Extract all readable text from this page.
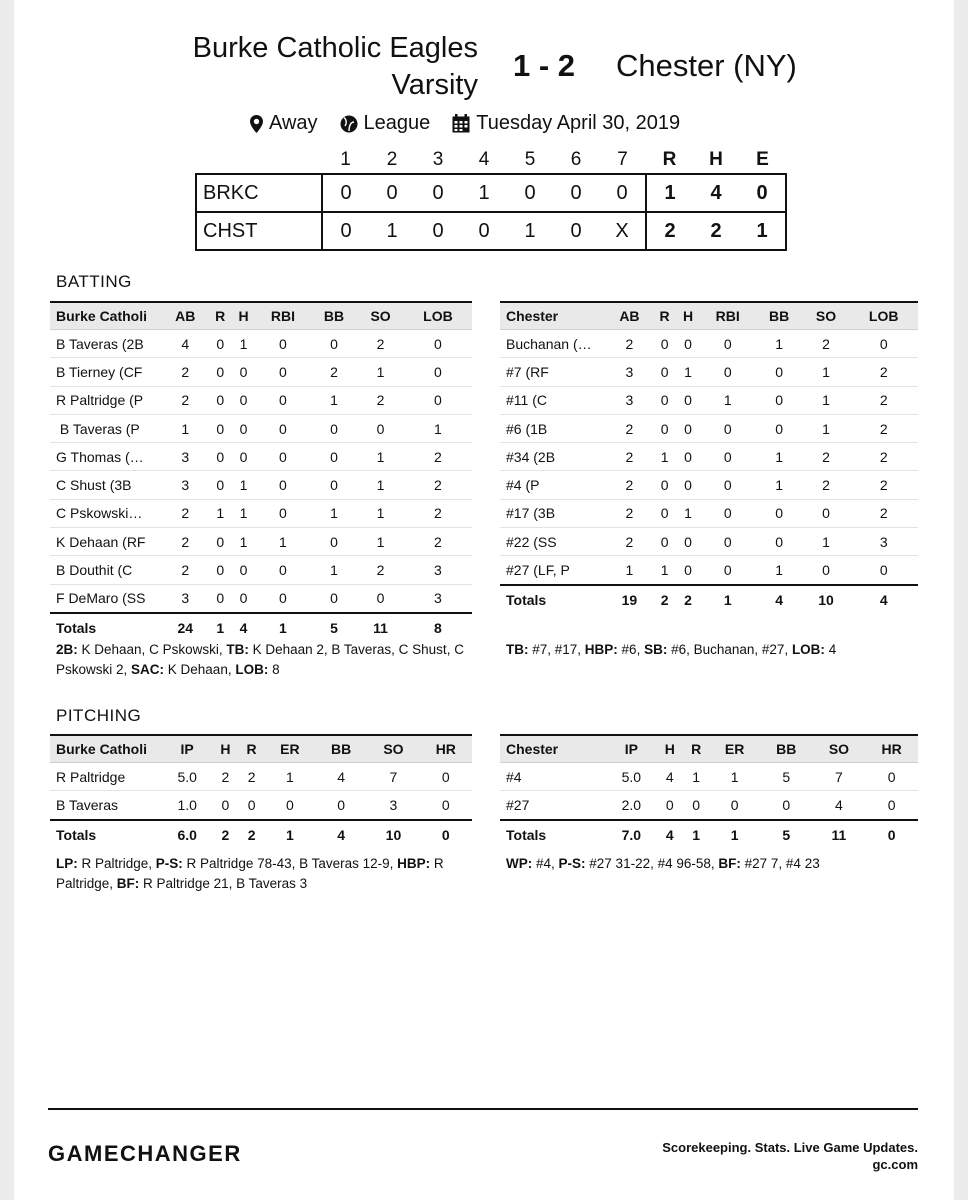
Burke Catholic Eagles
Varsity
1 - 2 Chester (NY)
Away League Tuesday April 30, 2019
	1	2	3	4	5	6	7	R	H	E
BRKC	0	0	0	1	0	0	0	1	4	0
CHST	0	1	0	0	1	0	X	2	2	1
BATTING
Burke Catholi	AB	R	H	RBI	BB	SO	LOB
B Taveras (2B	4	0	1	0	0	2	0
B Tierney (CF	2	0	0	0	2	1	0
R Paltridge (P	2	0	0	0	1	2	0
B Taveras (P	1	0	0	0	0	0	1
G Thomas (…	3	0	0	0	0	1	2
C Shust (3B	3	0	1	0	0	1	2
C Pskowski…	2	1	1	0	1	1	2
K Dehaan (RF	2	0	1	1	0	1	2
B Douthit (C	2	0	0	0	1	2	3
F DeMaro (SS	3	0	0	0	0	0	3
Totals	24	1	4	1	5	11	8
Chester	AB	R	H	RBI	BB	SO	LOB
Buchanan (…	2	0	0	0	1	2	0
#7 (RF	3	0	1	0	0	1	2
#11 (C	3	0	0	1	0	1	2
#6 (1B	2	0	0	0	0	1	2
#34 (2B	2	1	0	0	1	2	2
#4 (P	2	0	0	0	1	2	2
#17 (3B	2	0	1	0	0	0	2
#22 (SS	2	0	0	0	0	1	3
#27 (LF, P	1	1	0	0	1	0	0
Totals	19	2	2	1	4	10	4
2B: K Dehaan, C Pskowski, TB: K Dehaan 2, B Taveras, C Shust, C Pskowski 2, SAC: K Dehaan, LOB: 8
TB: #7, #17, HBP: #6, SB: #6, Buchanan, #27, LOB: 4
PITCHING
Burke Catholi	IP	H	R	ER	BB	SO	HR
R Paltridge	5.0	2	2	1	4	7	0
B Taveras	1.0	0	0	0	0	3	0
Totals	6.0	2	2	1	4	10	0
Chester	IP	H	R	ER	BB	SO	HR
#4	5.0	4	1	1	5	7	0
#27	2.0	0	0	0	0	4	0
Totals	7.0	4	1	1	5	11	0
LP: R Paltridge, P-S: R Paltridge 78-43, B Taveras 12-9, HBP: R Paltridge, BF: R Paltridge 21, B Taveras 3
WP: #4, P-S: #27 31-22, #4 96-58, BF: #27 7, #4 23
GAMECHANGER	Scorekeeping. Stats. Live Game Updates.
gc.com
